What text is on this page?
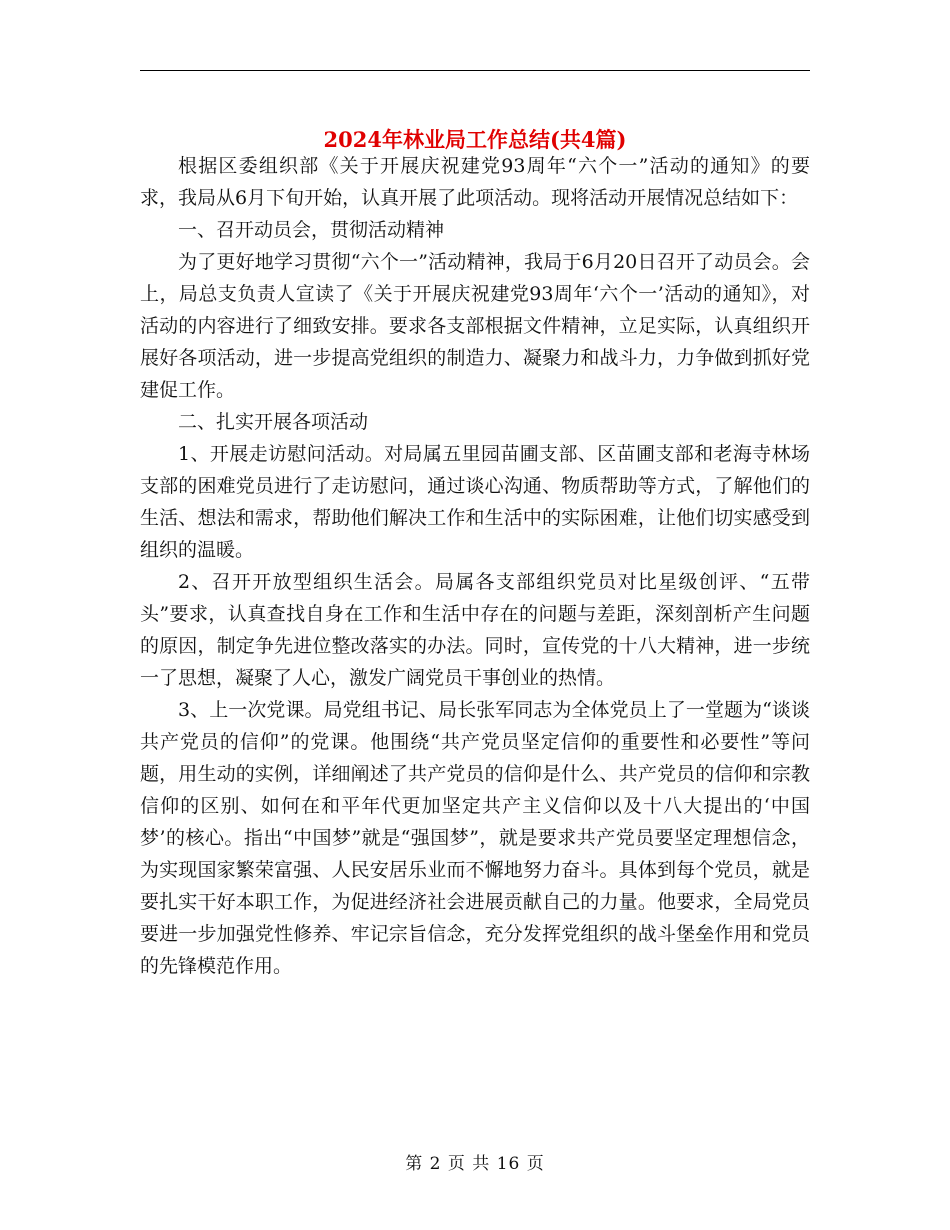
2024年林业局工作总结(共4篇)

根据区委组织部《关于开展庆祝建党93周年“六个一”活动的通知》的要求，我局从6月下旬开始，认真开展了此项活动。现将活动开展情况总结如下：

一、召开动员会，贯彻活动精神

为了更好地学习贯彻“六个一”活动精神，我局于6月20日召开了动员会。会上，局总支负责人宣读了《关于开展庆祝建党93周年‘六个一’活动的通知》，对活动的内容进行了细致安排。要求各支部根据文件精神，立足实际，认真组织开展好各项活动，进一步提高党组织的制造力、凝聚力和战斗力，力争做到抓好党建促工作。

二、扎实开展各项活动

1、开展走访慰问活动。对局属五里园苗圃支部、区苗圃支部和老海寺林场支部的困难党员进行了走访慰问，通过谈心沟通、物质帮助等方式，了解他们的生活、想法和需求，帮助他们解决工作和生活中的实际困难，让他们切实感受到组织的温暖。

2、召开开放型组织生活会。局属各支部组织党员对比星级创评、“五带头”要求，认真查找自身在工作和生活中存在的问题与差距，深刻剖析产生问题的原因，制定争先进位整改落实的办法。同时，宣传党的十八大精神，进一步统一了思想，凝聚了人心，激发广阔党员干事创业的热情。

3、上一次党课。局党组书记、局长张军同志为全体党员上了一堂题为“谈谈共产党员的信仰”的党课。他围绕“共产党员坚定信仰的重要性和必要性”等问题，用生动的实例，详细阐述了共产党员的信仰是什么、共产党员的信仰和宗教信仰的区别、如何在和平年代更加坚定共产主义信仰以及十八大提出的‘中国梦’的核心。指出“中国梦”就是“强国梦”，就是要求共产党员要坚定理想信念，为实现国家繁荣富强、人民安居乐业而不懈地努力奋斗。具体到每个党员，就是要扎实干好本职工作，为促进经济社会进展贡献自己的力量。他要求，全局党员要进一步加强党性修养、牢记宗旨信念，充分发挥党组织的战斗堡垒作用和党员的先锋模范作用。

第 2 页 共 16 页
